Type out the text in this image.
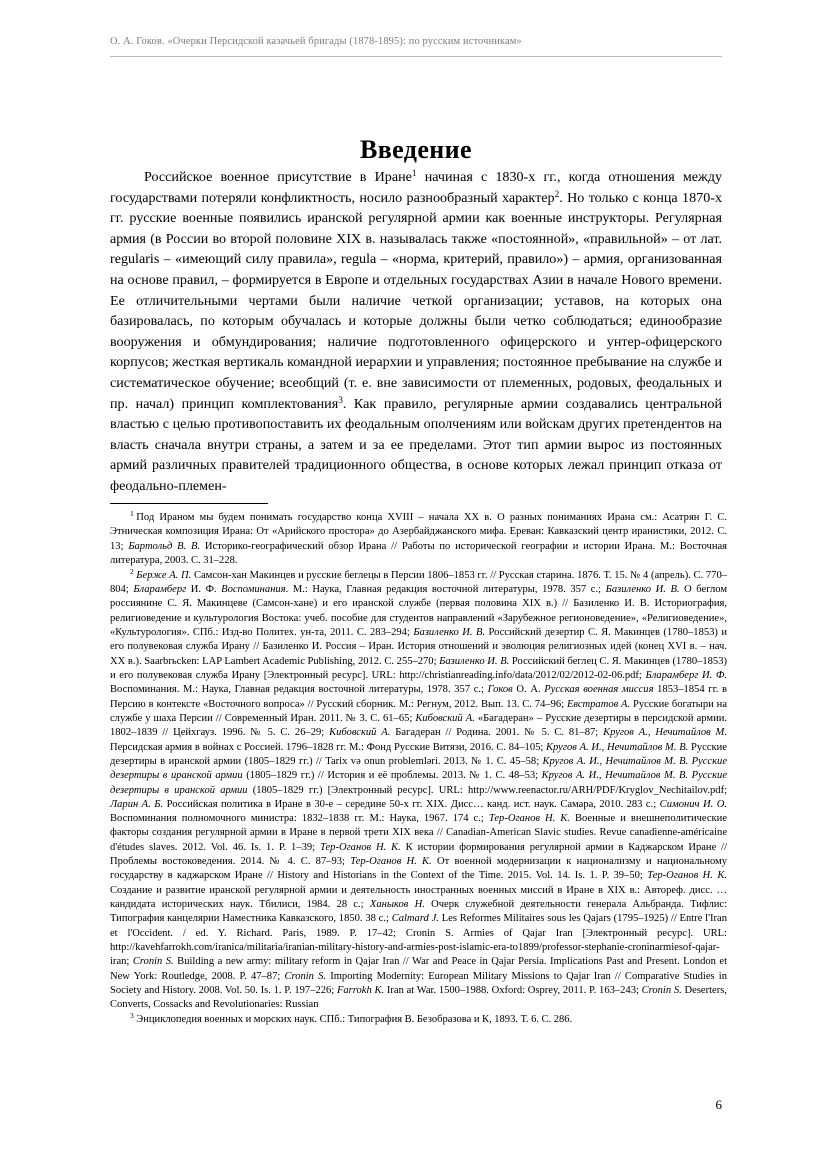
О. А. Гоков. «Очерки Персидской казачьей бригады (1878-1895): по русским источникам»
Введение

Российское военное присутствие в Иране$^1$ начиная с 1830-х гг., когда отношения между государствами потеряли конфликтность, носило разнообразный характер$^2$. Но только с конца 1870-х гг. русские военные появились иранской регулярной армии как военные инструкторы. Регулярная армия (в России во второй половине XIX в. называлась также «постоянной», «правильной» – от лат. regularis – «имеющий силу правила», regula – «норма, критерий, правило») – армия, организованная на основе правил, – формируется в Европе и отдельных государствах Азии в начале Нового времени. Ее отличительными чертами были наличие четкой организации; уставов, на которых она базировалась, по которым обучалась и которые должны были четко соблюдаться; единообразие вооружения и обмундирования; наличие подготовленного офицерского и унтер-офицерского корпусов; жесткая вертикаль командной иерархии и управления; постоянное пребывание на службе и систематическое обучение; всеобщий (т. е. вне зависимости от племенных, родовых, феодальных и пр. начал) принцип комплектования$^3$. Как правило, регулярные армии создавались центральной властью с целью противопоставить их феодальным ополчениям или войскам других претендентов на власть сначала внутри страны, а затем и за ее пределами. Этот тип армии вырос из постоянных армий различных правителей традиционного общества, в основе которых лежал принцип отказа от феодально-племен-

$^1$ Под Ираном мы будем понимать государство конца XVIII – начала XX в. О разных пониманиях Ирана см.: Асатрян Г. С. Этническая композиция Ирана: От «Арийского простора» до Азербайджанского мифа. Ереван: Кавказский центр иранистики, 2012. С. 13; Бартольд В. В. Историко-географический обзор Ирана // Работы по исторической географии и истории Ирана. М.: Восточная литература, 2003. С. 31–228.

$^2$ Берже А. П. Самсон-хан Макинцев и русские беглецы в Персии 1806–1853 гг. // Русская старина. 1876. Т. 15. № 4 (апрель). С. 770–804; Бларамберг И. Ф. Воспоминания. М.: Наука, Главная редакция восточной литературы, 1978. 357 с.; Базиленко И. В. О беглом россиянине С. Я. Макинцеве (Самсон-хане) и его иранской службе (первая половина XIX в.) // Базиленко И. В. Историография, религиоведение и культурология Востока: учеб. пособие для студентов направлений «Зарубежное регионоведение», «Религиоведение», «Культурология». СПб.: Изд-во Политех. ун-та, 2011. С. 283–294; Базиленко И. В. Российский дезертир С. Я. Макинцев (1780–1853) и его полувековая служба Ирану // Базиленко И. Россия – Иран. История отношений и эволюция религиозных идей (конец XVI в. – нач. XX в.). Saarbrьcken: LAP Lambert Academic Publishing, 2012. С. 255–270; Базиленко И. В. Российский беглец С. Я. Макинцев (1780–1853) и его полувековая служба Ирану [Электронный ресурс]. URL: http://christianreading.info/data/2012/02/2012-02-06.pdf; Бларамберг И. Ф. Воспоминания. М.: Наука, Главная редакция восточной литературы, 1978. 357 с.; Гоков О. А. Русская военная миссия 1853–1854 гг. в Персию в контексте «Восточного вопроса» // Русский сборник. М.: Регнум, 2012. Вып. 13. С. 74–96; Евстратов А. Русские богатыри на службе у шаха Персии // Современный Иран. 2011. № 3. С. 61–65; Кибовский А. «Багадеран» – Русские дезертиры в персидской армии. 1802–1839 // Цейхгауз. 1996. № 5. С. 26–29; Кибовский А. Багадеран // Родина. 2001. № 5. С. 81–87; Кругов А., Нечитайлов М. Персидская армия в войнах с Россией. 1796–1828 гг. М.: Фонд Русские Витязи, 2016. С. 84–105; Кругов А. И., Нечитайлов М. В. Русские дезертиры в иранской армии (1805–1829 гг.) // Tarix vә onun problemlәri. 2013. № 1. С. 45–58; Кругов А. И., Нечитайлов М. В. Русские дезертиры в иранской армии (1805–1829 гг.) // История и её проблемы. 2013. № 1. С. 48–53; Кругов А. И., Нечитайлов М. В. Русские дезертиры в иранской армии (1805–1829 гг.) [Электронный ресурс]. URL: http://www.reenactor.ru/ARH/PDF/Kryglov_Nechitailov.pdf; Ларин А. Б. Российская политика в Иране в 30-е – середине 50-х гг. XIX. Дисс… канд. ист. наук. Самара, 2010. 283 с.; Симонич И. О. Воспоминания полномочного министра: 1832–1838 гг. М.: Наука, 1967. 174 с.; Тер-Оганов Н. К. Военные и внешнеполитические факторы создания регулярной армии в Иране в первой трети XIX века // Canadian-American Slavic studies. Revue canadienne-américaine d'études slaves. 2012. Vol. 46. Is. 1. P. 1–39; Тер-Оганов Н. К. К истории формирования регулярной армии в Каджарском Иране // Проблемы востоковедения. 2014. № 4. С. 87–93; Тер-Оганов Н. К. От военной модернизации к национализму и национальному государству в каджарском Иране // History and Historians in the Context of the Time. 2015. Vol. 14. Is. 1. P. 39–50; Тер-Оганов Н. К. Создание и развитие иранской регулярной армии и деятельность иностранных военных миссий в Иране в XIX в.: Автореф. дисс. … кандидата исторических наук. Тбилиси, 1984. 28 с.; Ханыков Н. Очерк служебной деятельности генерала Альбранда. Тифлис: Типография канцелярии Наместника Кавказского, 1850. 38 с.; Calmard J. Les Reformes Militaires sous les Qajars (1795–1925) // Entre l'Iran et l'Occident. / ed. Y. Richard. Paris, 1989. P. 17–42; Cronin S. Armies of Qajar Iran [Электронный ресурс]. URL: http://kavehfarrokh.com/iranica/militaria/iranian-military-history-and-armies-post-islamic-era-to1899/professor-stephanie-croninarmiesof-qajar-iran; Cronin S. Building a new army: military reform in Qajar Iran // War and Peace in Qajar Persia. Implications Past and Present. London et New York: Routledge, 2008. P. 47–87; Cronin S. Importing Modernity: European Military Missions to Qajar Iran // Comparative Studies in Society and History. 2008. Vol. 50. Is. 1. P. 197–226; Farrokh K. Iran at War. 1500–1988. Oxford: Osprey, 2011. P. 163–243; Cronin S. Deserters, Converts, Cossacks and Revolutionaries: Russian

$^3$ Энциклопедия военных и морских наук. СПб.: Типография В. Безобразова и К, 1893. Т. 6. С. 286.

6
